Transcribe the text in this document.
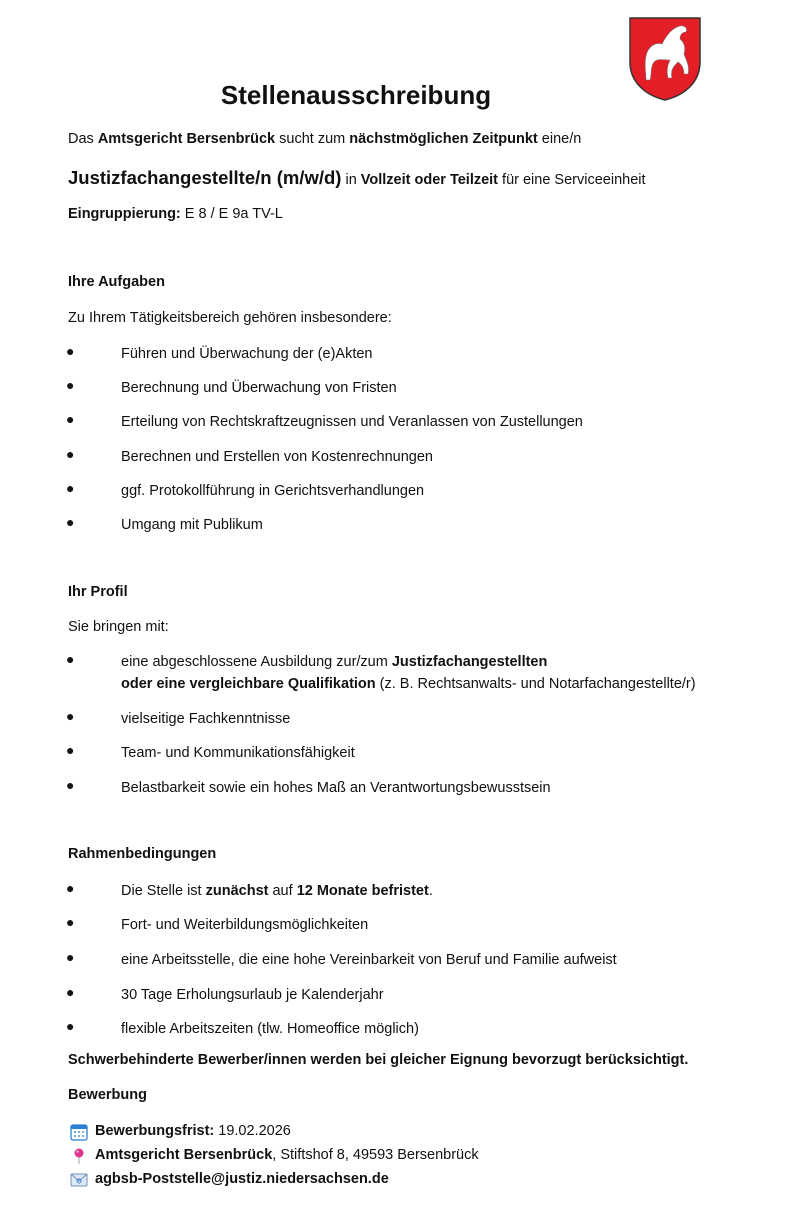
Stellenausschreibung

Das Amtsgericht Bersenbrück sucht zum nächstmöglichen Zeitpunkt eine/n

Justizfachangestellte/n (m/w/d) in Vollzeit oder Teilzeit für eine Serviceeinheit

Eingruppierung: E 8 / E 9a TV-L

Ihre Aufgaben

Zu Ihrem Tätigkeitsbereich gehören insbesondere:

●	Führen und Überwachung der (e)Akten
●	Berechnung und Überwachung von Fristen
●	Erteilung von Rechtskraftzeugnissen und Veranlassen von Zustellungen
●	Berechnen und Erstellen von Kostenrechnungen
●	ggf. Protokollführung in Gerichtsverhandlungen
●	Umgang mit Publikum

Ihr Profil

Sie bringen mit:

●	eine abgeschlossene Ausbildung zur/zum Justizfachangestellten
oder eine vergleichbare Qualifikation (z. B. Rechtsanwalts- und Notarfachangestellte/r)
●	vielseitige Fachkenntnisse
●	Team- und Kommunikationsfähigkeit
●	Belastbarkeit sowie ein hohes Maß an Verantwortungsbewusstsein

Rahmenbedingungen

●	Die Stelle ist zunächst auf 12 Monate befristet.
●	Fort- und Weiterbildungsmöglichkeiten
●	eine Arbeitsstelle, die eine hohe Vereinbarkeit von Beruf und Familie aufweist
●	30 Tage Erholungsurlaub je Kalenderjahr
●	flexible Arbeitszeiten (tlw. Homeoffice möglich)

Schwerbehinderte Bewerber/innen werden bei gleicher Eignung bevorzugt berücksichtigt.

Bewerbung

Bewerbungsfrist: 19.02.2026
Amtsgericht Bersenbrück, Stiftshof 8, 49593 Bersenbrück
agbsb-Poststelle@justiz.niedersachsen.de
